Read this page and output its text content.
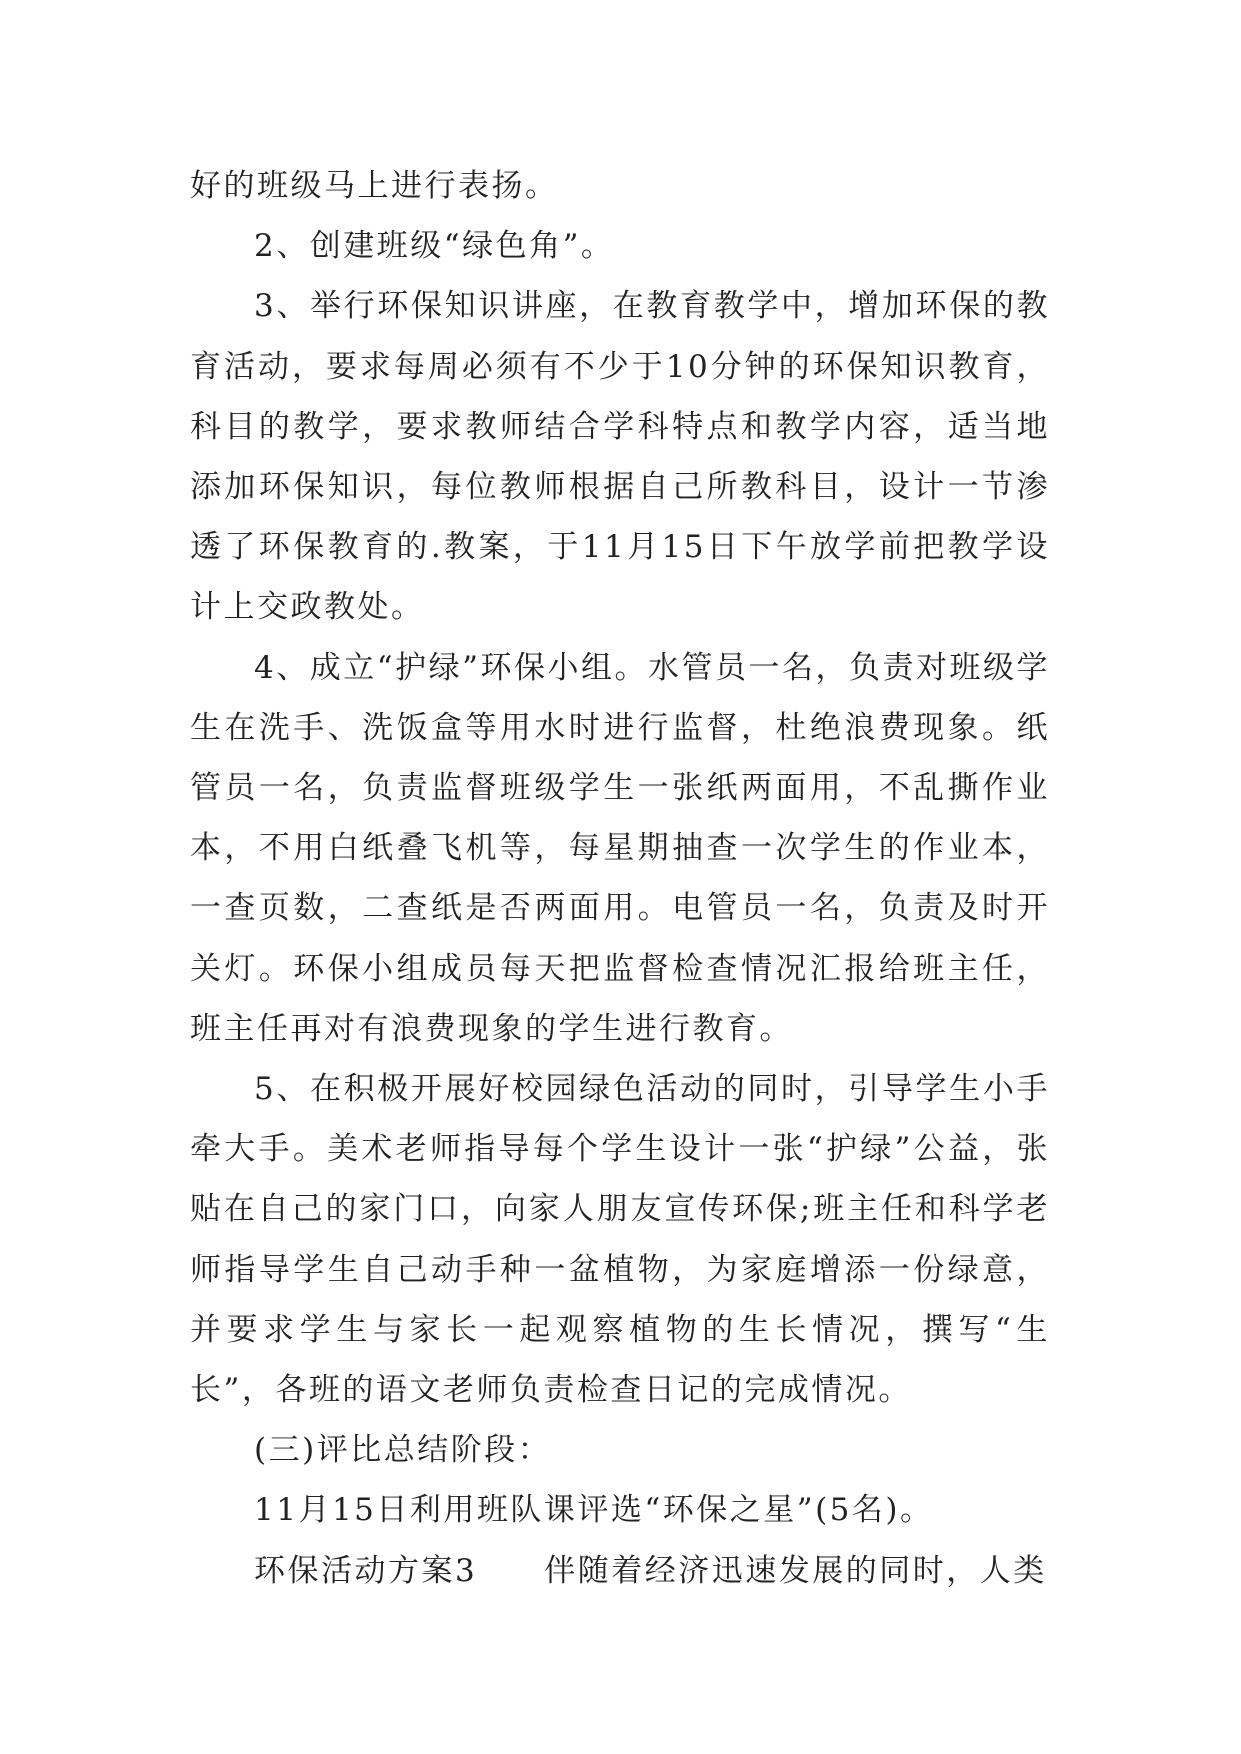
好的班级马上进行表扬。

2、创建班级“绿色角”。

3、举行环保知识讲座，在教育教学中，增加环保的教育活动，要求每周必须有不少于10分钟的环保知识教育，科目的教学，要求教师结合学科特点和教学内容，适当地添加环保知识，每位教师根据自己所教科目，设计一节渗透了环保教育的.教案，于11月15日下午放学前把教学设计上交政教处。

4、成立“护绿”环保小组。水管员一名，负责对班级学生在洗手、洗饭盒等用水时进行监督，杜绝浪费现象。纸管员一名，负责监督班级学生一张纸两面用，不乱撕作业本，不用白纸叠飞机等，每星期抽查一次学生的作业本，一查页数，二查纸是否两面用。电管员一名，负责及时开关灯。环保小组成员每天把监督检查情况汇报给班主任，班主任再对有浪费现象的学生进行教育。

5、在积极开展好校园绿色活动的同时，引导学生小手牵大手。美术老师指导每个学生设计一张“护绿”公益，张贴在自己的家门口，向家人朋友宣传环保;班主任和科学老师指导学生自己动手种一盆植物，为家庭增添一份绿意，并要求学生与家长一起观察植物的生长情况，撰写“生长”，各班的语文老师负责检查日记的完成情况。

(三)评比总结阶段：

11月15日利用班队课评选“环保之星”(5名)。

环保活动方案3　　伴随着经济迅速发展的同时，人类
